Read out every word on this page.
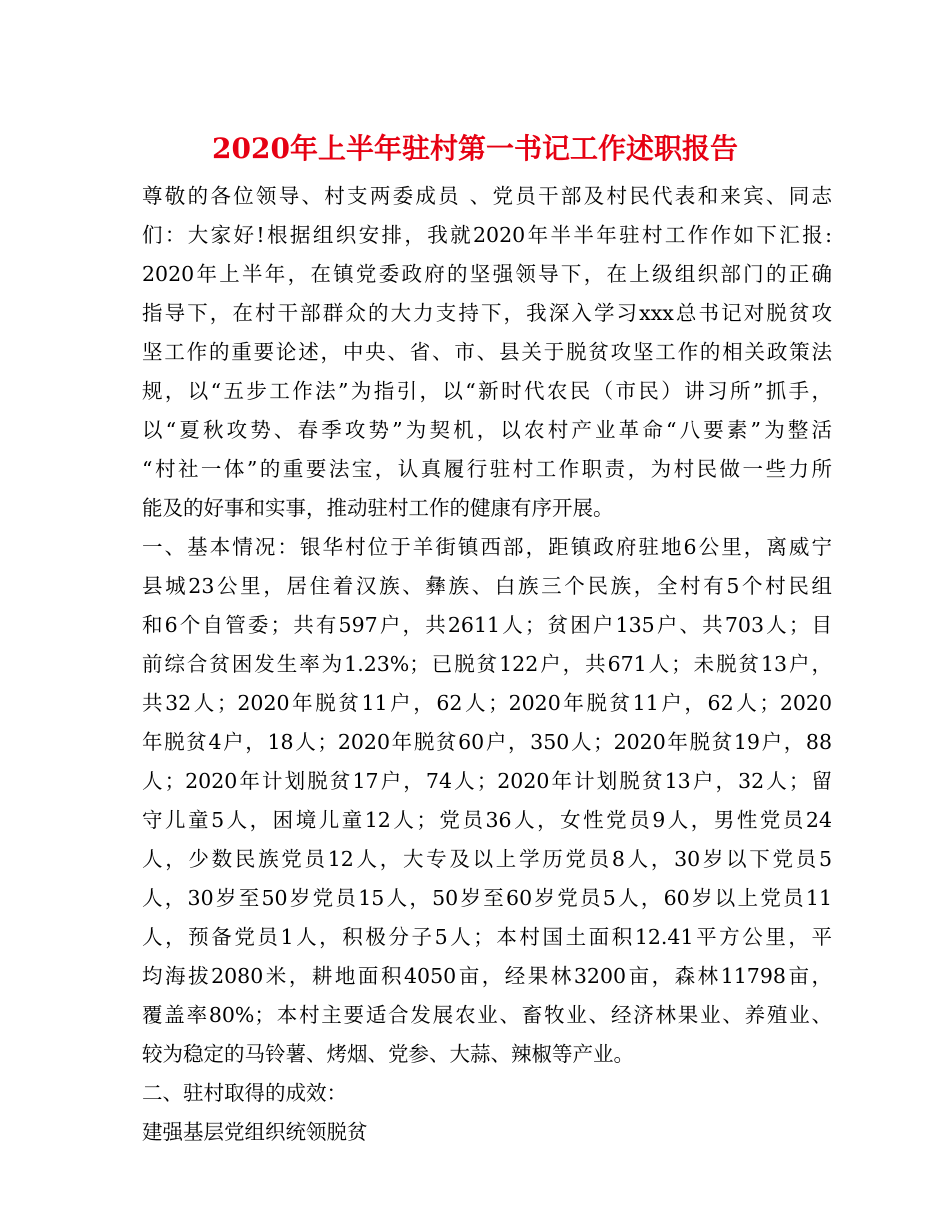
2020年上半年驻村第一书记工作述职报告
尊敬的各位领导、村支两委成员 、党员干部及村民代表和来宾、同志
们：大家好!根据组织安排，我就2020年半半年驻村工作作如下汇报:
2020年上半年，在镇党委政府的坚强领导下，在上级组织部门的正确
指导下，在村干部群众的大力支持下，我深入学习xxx总书记对脱贫攻
坚工作的重要论述，中央、省、市、县关于脱贫攻坚工作的相关政策法
规，以“五步工作法”为指引，以“新时代农民（市民）讲习所”抓手，
以“夏秋攻势、春季攻势”为契机，以农村产业革命“八要素”为整活
“村社一体”的重要法宝，认真履行驻村工作职责，为村民做一些力所
能及的好事和实事，推动驻村工作的健康有序开展。
一、基本情况：银华村位于羊街镇西部，距镇政府驻地6公里，离威宁
县城23公里，居住着汉族、彝族、白族三个民族，全村有5个村民组
和6个自管委；共有597户，共2611人；贫困户135户、共703人；目
前综合贫困发生率为1.23%；已脱贫122户，共671人；未脱贫13户，
共32人；2020年脱贫11户，62人；2020年脱贫11户，62人；2020
年脱贫4户，18人；2020年脱贫60户，350人；2020年脱贫19户，88
人；2020年计划脱贫17户，74人；2020年计划脱贫13户，32人；留
守儿童5人，困境儿童12人；党员36人，女性党员9人，男性党员24
人，少数民族党员12人，大专及以上学历党员8人，30岁以下党员5
人，30岁至50岁党员15人，50岁至60岁党员5人，60岁以上党员11
人，预备党员1人，积极分子5人；本村国土面积12.41平方公里，平
均海拔2080米，耕地面积4050亩，经果林3200亩，森林11798亩，
覆盖率80%；本村主要适合发展农业、畜牧业、经济林果业、养殖业、
较为稳定的马铃薯、烤烟、党参、大蒜、辣椒等产业。
二、驻村取得的成效：
建强基层党组织统领脱贫
